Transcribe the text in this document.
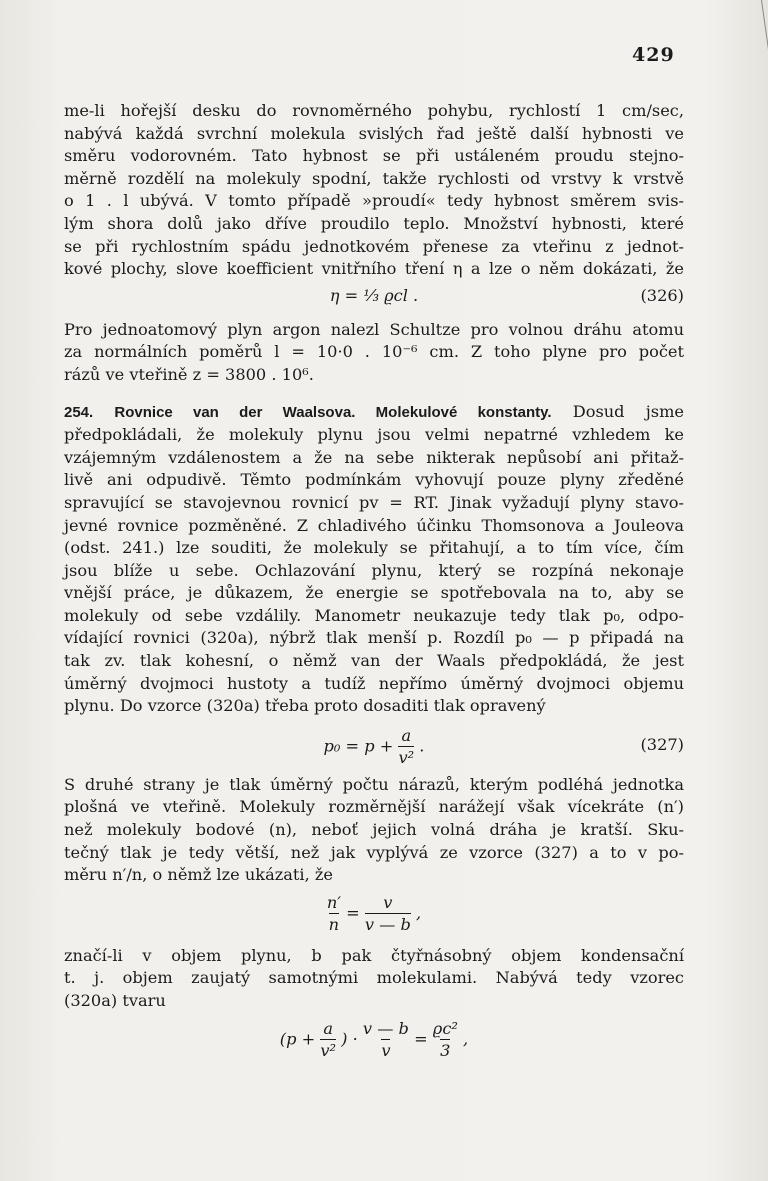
429

me-li hořejší desku do rovnoměrného pohybu, rychlostí 1 cm/sec,
nabývá každá svrchní molekula svislých řad ještě další hybnosti ve
směru vodorovném. Tato hybnost se při ustáleném proudu stejno-
měrně rozdělí na molekuly spodní, takže rychlosti od vrstvy k vrstvě
o 1 . l ubývá. V tomto případě »proudí« tedy hybnost směrem svis-
lým shora dolů jako dříve proudilo teplo. Množství hybnosti, které
se při rychlostním spádu jednotkovém přenese za vteřinu z jednot-
kové plochy, slove koefficient vnitřního tření η a lze o něm dokázati, že

η = ⅓ ϱcl .	(326)

Pro jednoatomový plyn argon nalezl Schultze pro volnou dráhu atomu
za normálních poměrů l = 10·0 . 10⁻⁶ cm. Z toho plyne pro počet
rázů ve vteřině z = 3800 . 10⁶.

254. Rovnice van der Waalsova. Molekulové konstanty. Dosud jsme
předpokládali, že molekuly plynu jsou velmi nepatrné vzhledem ke
vzájemným vzdálenostem a že na sebe nikterak nepůsobí ani přitaž-
livě ani odpudivě. Těmto podmínkám vyhovují pouze plyny zředěné
spravující se stavojevnou rovnicí pv = RT. Jinak vyžadují plyny stavo-
jevné rovnice pozměněné. Z chladivého účinku Thomsonova a Jouleova
(odst. 241.) lze souditi, že molekuly se přitahují, a to tím více, čím
jsou blíže u sebe. Ochlazování plynu, který se rozpíná nekonaje
vnější práce, je důkazem, že energie se spotřebovala na to, aby se
molekuly od sebe vzdálily. Manometr neukazuje tedy tlak p₀, odpo-
vídající rovnici (320a), nýbrž tlak menší p. Rozdíl p₀ — p připadá na
tak zv. tlak kohesní, o němž van der Waals předpokládá, že jest
úměrný dvojmoci hustoty a tudíž nepřímo úměrný dvojmoci objemu
plynu. Do vzorce (320a) třeba proto dosaditi tlak opravený

$p_0 = p + \frac{a}{\text{v²}}$ .	(327)

S druhé strany je tlak úměrný počtu nárazů, kterým podléhá jednotka
plošná ve vteřině. Molekuly rozměrnější narážejí však vícekráte (n′)
než molekuly bodové (n), neboť jejich volná dráha je kratší. Sku-
tečný tlak je tedy větší, než jak vyplývá ze vzorce (327) a to v po-
měru n′/n, o němž lze ukázati, že

$\frac{n'}{n} = \frac{v}{v — b}$ ,

značí-li v objem plynu, b pak čtyřnásobný objem kondensační
t. j. objem zaujatý samotnými molekulami. Nabývá tedy vzorec
(320a) tvaru

($p + \frac{a}{\text{v²}}$ ) · $\frac{v — b}{v} = \frac{\text{ϱc²}}{3}$ ,
